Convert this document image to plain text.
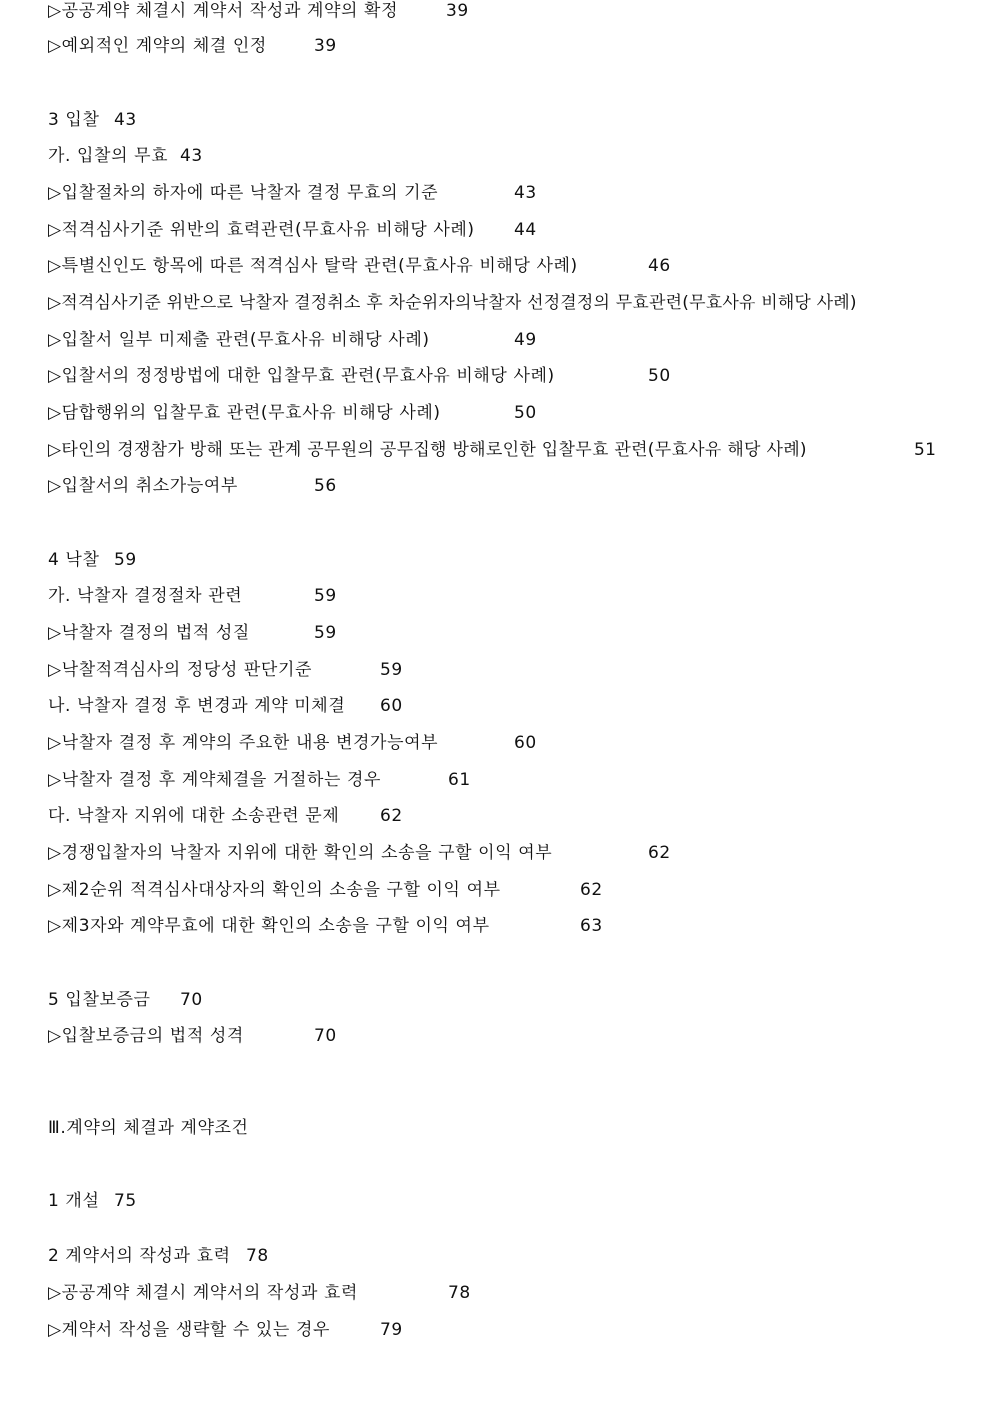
▷공공계약 체결시 계약서 작성과 계약의 확정	39
▷예외적인 계약의 체결 인정	39
3 입찰 43
가. 입찰의 무효 43
▷입찰절차의 하자에 따른 낙찰자 결정 무효의 기준	43
▷적격심사기준 위반의 효력관련(무효사유 비해당 사례) 44
▷특별신인도 항목에 따른 적격심사 탈락 관련(무효사유 비해당 사례)	46
▷적격심사기준 위반으로 낙찰자 결정취소 후 차순위자의낙찰자 선정결정의 무효관련(무효사유 비해당 사례)
▷입찰서 일부 미제출 관련(무효사유 비해당 사례)	49
▷입찰서의 정정방법에 대한 입찰무효 관련(무효사유 비해당 사례)	50
▷담합행위의 입찰무효 관련(무효사유 비해당 사례)	50
▷타인의 경쟁참가 방해 또는 관계 공무원의 공무집행 방해로인한 입찰무효 관련(무효사유 해당 사례)	51
▷입찰서의 취소가능여부	56
4 낙찰 59
가. 낙찰자 결정절차 관련	59
▷낙찰자 결정의 법적 성질	59
▷낙찰적격심사의 정당성 판단기준	59
나. 낙찰자 결정 후 변경과 계약 미체결 60
▷낙찰자 결정 후 계약의 주요한 내용 변경가능여부	60
▷낙찰자 결정 후 계약체결을 거절하는 경우	61
다. 낙찰자 지위에 대한 소송관련 문제 62
▷경쟁입찰자의 낙찰자 지위에 대한 확인의 소송을 구할 이익 여부	62
▷제2순위 적격심사대상자의 확인의 소송을 구할 이익 여부	62
▷제3자와 계약무효에 대한 확인의 소송을 구할 이익 여부	63
5 입찰보증금 70
▷입찰보증금의 법적 성격	70
Ⅲ.계약의 체결과 계약조건
1 개설 75
2 계약서의 작성과 효력 78
▷공공계약 체결시 계약서의 작성과 효력	78
▷계약서 작성을 생략할 수 있는 경우	79
